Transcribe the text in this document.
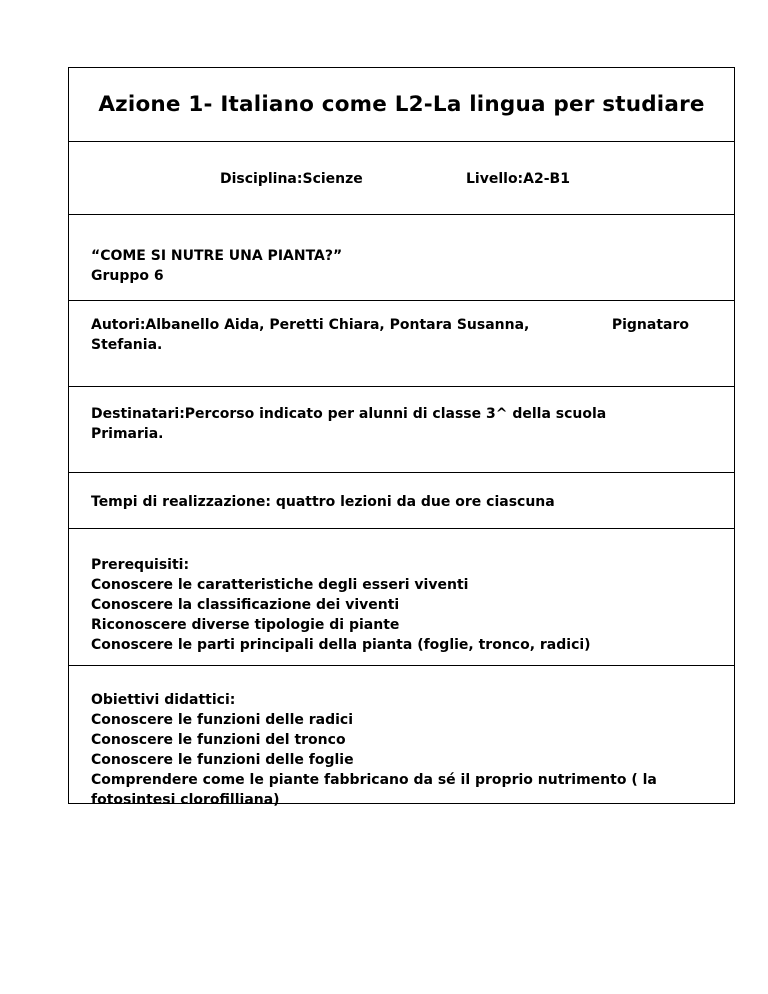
Azione 1- Italiano come L2-La lingua per studiare
Disciplina:Scienze	Livello:A2-B1
“COME SI NUTRE UNA PIANTA?”
Gruppo 6
Autori:Albanello Aida, Peretti Chiara, Pontara Susanna,	Pignataro
Stefania.
Destinatari:Percorso indicato per alunni di classe 3^ della scuola
Primaria.
Tempi di realizzazione: quattro lezioni da due ore ciascuna
Prerequisiti:
Conoscere le caratteristiche degli esseri viventi
Conoscere la classificazione dei viventi
Riconoscere diverse tipologie di piante
Conoscere le parti principali della pianta (foglie, tronco, radici)
Obiettivi didattici:
Conoscere le funzioni delle radici
Conoscere le funzioni del tronco
Conoscere le funzioni delle foglie
Comprendere come le piante fabbricano da sé il proprio nutrimento ( la fotosintesi clorofilliana)
